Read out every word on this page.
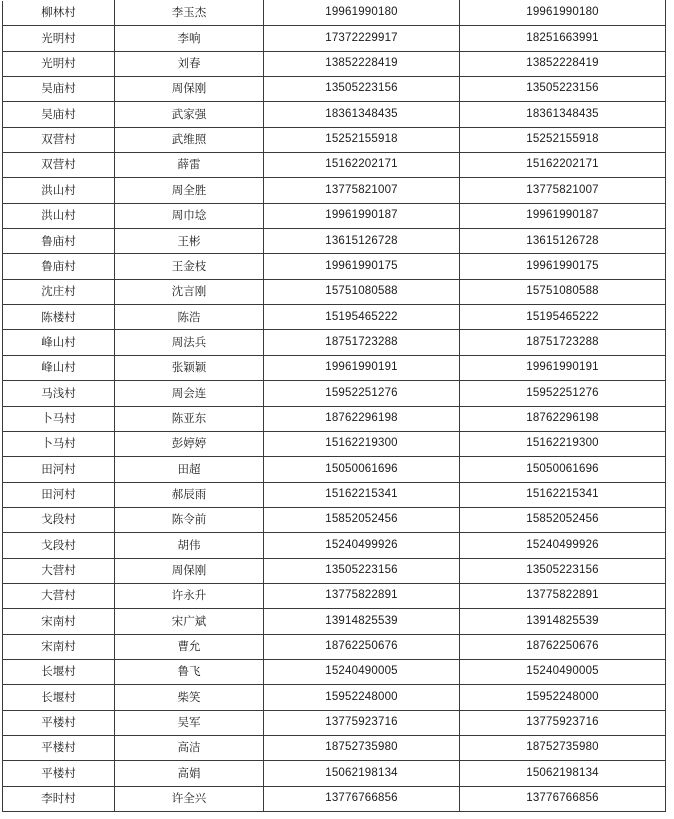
柳林村	李玉杰	19961990180	19961990180
光明村	李响	17372229917	18251663991
光明村	刘春	13852228419	13852228419
吴庙村	周保刚	13505223156	13505223156
吴庙村	武家强	18361348435	18361348435
双营村	武维照	15252155918	15252155918
双营村	薛雷	15162202171	15162202171
洪山村	周全胜	13775821007	13775821007
洪山村	周巾埝	19961990187	19961990187
鲁庙村	王彬	13615126728	13615126728
鲁庙村	王金枝	19961990175	19961990175
沈庄村	沈言刚	15751080588	15751080588
陈楼村	陈浩	15195465222	15195465222
峰山村	周法兵	18751723288	18751723288
峰山村	张颖颖	19961990191	19961990191
马浅村	周会连	15952251276	15952251276
卜马村	陈亚东	18762296198	18762296198
卜马村	彭婷婷	15162219300	15162219300
田河村	田超	15050061696	15050061696
田河村	郝辰雨	15162215341	15162215341
戈段村	陈令前	15852052456	15852052456
戈段村	胡伟	15240499926	15240499926
大营村	周保刚	13505223156	13505223156
大营村	许永升	13775822891	13775822891
宋南村	宋广斌	13914825539	13914825539
宋南村	曹允	18762250676	18762250676
长堰村	鲁飞	15240490005	15240490005
长堰村	柴笑	15952248000	15952248000
平楼村	吴军	13775923716	13775923716
平楼村	高洁	18752735980	18752735980
平楼村	高娟	15062198134	15062198134
李时村	许全兴	13776766856	13776766856
